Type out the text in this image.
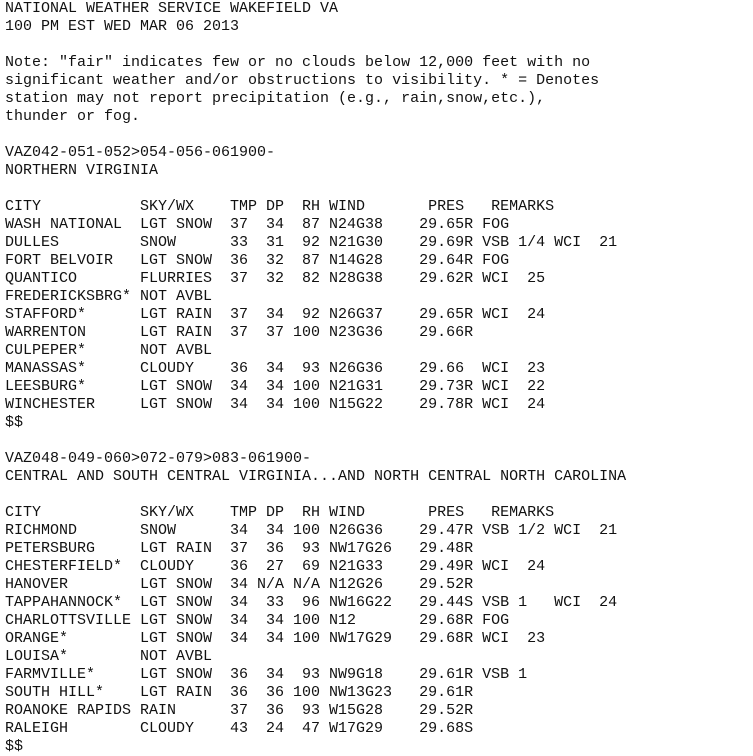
NATIONAL WEATHER SERVICE WAKEFIELD VA
100 PM EST WED MAR 06 2013
Note: "fair" indicates few or no clouds below 12,000 feet with no
significant weather and/or obstructions to visibility. * = Denotes
station may not report precipitation (e.g., rain,snow,etc.),
thunder or fog.
VAZ042-051-052>054-056-061900-
NORTHERN VIRGINIA
CITY           SKY/WX    TMP DP  RH WIND       PRES   REMARKS
WASH NATIONAL  LGT SNOW  37  34  87 N24G38    29.65R FOG
DULLES         SNOW      33  31  92 N21G30    29.69R VSB 1/4 WCI  21
FORT BELVOIR   LGT SNOW  36  32  87 N14G28    29.64R FOG
QUANTICO       FLURRIES  37  32  82 N28G38    29.62R WCI  25
FREDERICKSBRG* NOT AVBL
STAFFORD*      LGT RAIN  37  34  92 N26G37    29.65R WCI  24
WARRENTON      LGT RAIN  37  37 100 N23G36    29.66R
CULPEPER*      NOT AVBL
MANASSAS*      CLOUDY    36  34  93 N26G36    29.66  WCI  23
LEESBURG*      LGT SNOW  34  34 100 N21G31    29.73R WCI  22
WINCHESTER     LGT SNOW  34  34 100 N15G22    29.78R WCI  24
$$
VAZ048-049-060>072-079>083-061900-
CENTRAL AND SOUTH CENTRAL VIRGINIA...AND NORTH CENTRAL NORTH CAROLINA
CITY           SKY/WX    TMP DP  RH WIND       PRES   REMARKS
RICHMOND       SNOW      34  34 100 N26G36    29.47R VSB 1/2 WCI  21
PETERSBURG     LGT RAIN  37  36  93 NW17G26   29.48R
CHESTERFIELD*  CLOUDY    36  27  69 N21G33    29.49R WCI  24
HANOVER        LGT SNOW  34 N/A N/A N12G26    29.52R
TAPPAHANNOCK*  LGT SNOW  34  33  96 NW16G22   29.44S VSB 1   WCI  24
CHARLOTTSVILLE LGT SNOW  34  34 100 N12       29.68R FOG
ORANGE*        LGT SNOW  34  34 100 NW17G29   29.68R WCI  23
LOUISA*        NOT AVBL
FARMVILLE*     LGT SNOW  36  34  93 NW9G18    29.61R VSB 1
SOUTH HILL*    LGT RAIN  36  36 100 NW13G23   29.61R
ROANOKE RAPIDS RAIN      37  36  93 W15G28    29.52R
RALEIGH        CLOUDY    43  24  47 W17G29    29.68S
$$
